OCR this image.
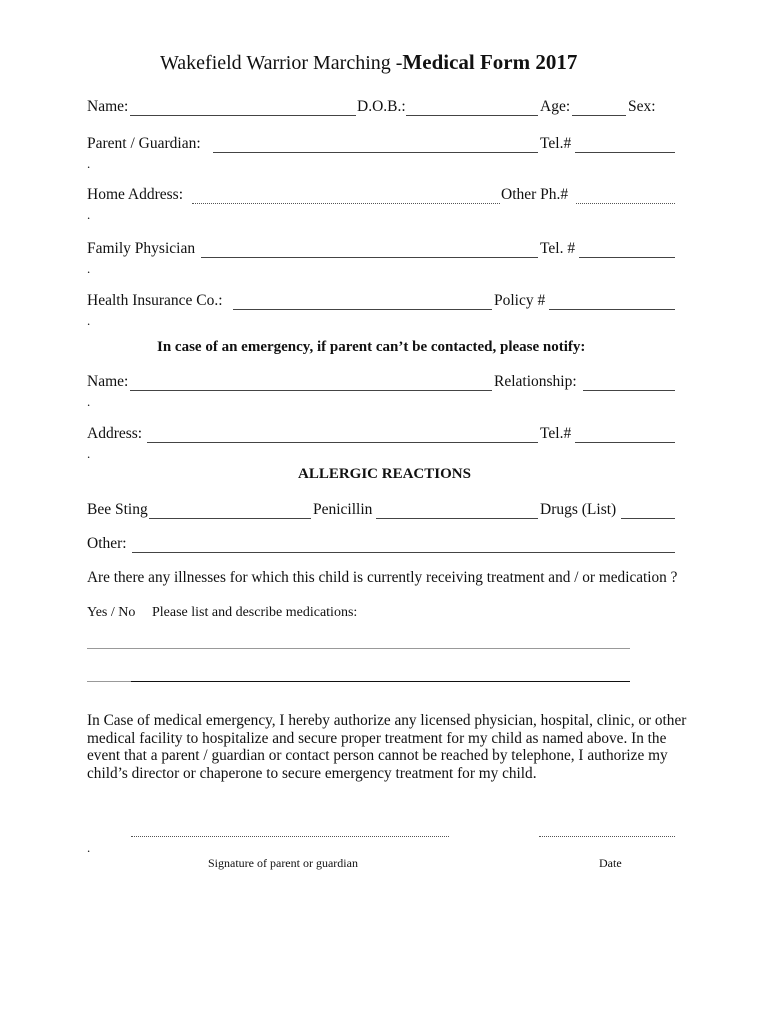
Wakefield Warrior Marching -Medical Form 2017
Name:	D.O.B.:	Age:	Sex:
Parent / Guardian:	Tel.#
.
Home Address:	Other Ph.#
.
Family Physician	Tel. #
.
Health Insurance Co.:	Policy #
.
In case of an emergency, if parent can’t be contacted, please notify:
Name:	Relationship:
.
Address:	Tel.#
.
ALLERGIC REACTIONS
Bee Sting	Penicillin	Drugs (List)
Other:
Are there any illnesses for which this child is currently receiving treatment and / or medication ?
Yes / No Please list and describe medications:
In Case of medical emergency, I hereby authorize any licensed physician, hospital, clinic, or other medical facility to hospitalize and secure proper treatment for my child as named above. In the event that a parent / guardian or contact person cannot be reached by telephone, I authorize my child’s director or chaperone to secure emergency treatment for my child.
.
Signature of parent or guardian	Date
